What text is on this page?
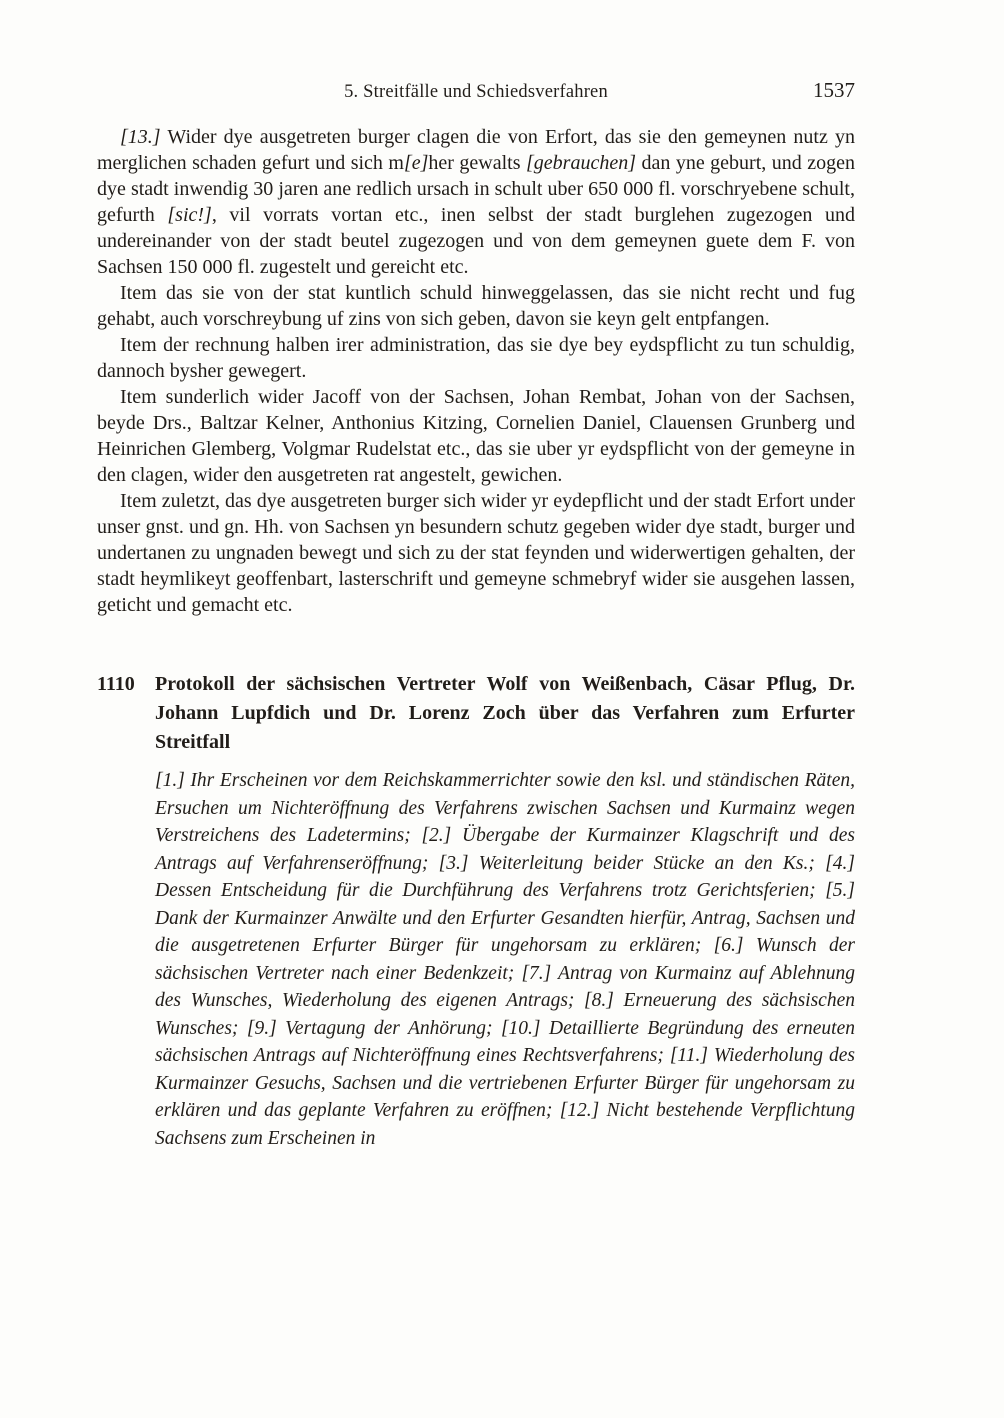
5. Streitfälle und Schiedsverfahren	1537

[13.] Wider dye ausgetreten burger clagen die von Erfort, das sie den gemeynen nutz yn merglichen schaden gefurt und sich m[e]her gewalts [gebrauchen] dan yne geburt, und zogen dye stadt inwendig 30 jaren ane redlich ursach in schult uber 650 000 fl. vorschryebene schult, gefurth [sic!], vil vorrats vortan etc., inen selbst der stadt burglehen zugezogen und undereinander von der stadt beutel zugezogen und von dem gemeynen guete dem F. von Sachsen 150 000 fl. zugestelt und gereicht etc.

Item das sie von der stat kuntlich schuld hinweggelassen, das sie nicht recht und fug gehabt, auch vorschreybung uf zins von sich geben, davon sie keyn gelt entpfangen.

Item der rechnung halben irer administration, das sie dye bey eydspflicht zu tun schuldig, dannoch bysher gewegert.

Item sunderlich wider Jacoff von der Sachsen, Johan Rembat, Johan von der Sachsen, beyde Drs., Baltzar Kelner, Anthonius Kitzing, Cornelien Daniel, Clauensen Grunberg und Heinrichen Glemberg, Volgmar Rudelstat etc., das sie uber yr eydspflicht von der gemeyne in den clagen, wider den ausgetreten rat angestelt, gewichen.

Item zuletzt, das dye ausgetreten burger sich wider yr eydepflicht und der stadt Erfort under unser gnst. und gn. Hh. von Sachsen yn besundern schutz gegeben wider dye stadt, burger und undertanen zu ungnaden bewegt und sich zu der stat feynden und widerwertigen gehalten, der stadt heymlikeyt geoffenbart, lasterschrift und gemeyne schmebryf wider sie ausgehen lassen, geticht und gemacht etc.

1110 Protokoll der sächsischen Vertreter Wolf von Weißenbach, Cäsar Pflug, Dr. Johann Lupfdich und Dr. Lorenz Zoch über das Verfahren zum Erfurter Streitfall

[1.] Ihr Erscheinen vor dem Reichskammerrichter sowie den ksl. und ständischen Räten, Ersuchen um Nichteröffnung des Verfahrens zwischen Sachsen und Kurmainz wegen Verstreichens des Ladetermins; [2.] Übergabe der Kurmainzer Klagschrift und des Antrags auf Verfahrenseröffnung; [3.] Weiterleitung beider Stücke an den Ks.; [4.] Dessen Entscheidung für die Durchführung des Verfahrens trotz Gerichtsferien; [5.] Dank der Kurmainzer Anwälte und den Erfurter Gesandten hierfür, Antrag, Sachsen und die ausgetretenen Erfurter Bürger für ungehorsam zu erklären; [6.] Wunsch der sächsischen Vertreter nach einer Bedenkzeit; [7.] Antrag von Kurmainz auf Ablehnung des Wunsches, Wiederholung des eigenen Antrags; [8.] Erneuerung des sächsischen Wunsches; [9.] Vertagung der Anhörung; [10.] Detaillierte Begründung des erneuten sächsischen Antrags auf Nichteröffnung eines Rechtsverfahrens; [11.] Wiederholung des Kurmainzer Gesuchs, Sachsen und die vertriebenen Erfurter Bürger für ungehorsam zu erklären und das geplante Verfahren zu eröffnen; [12.] Nicht bestehende Verpflichtung Sachsens zum Erscheinen in
